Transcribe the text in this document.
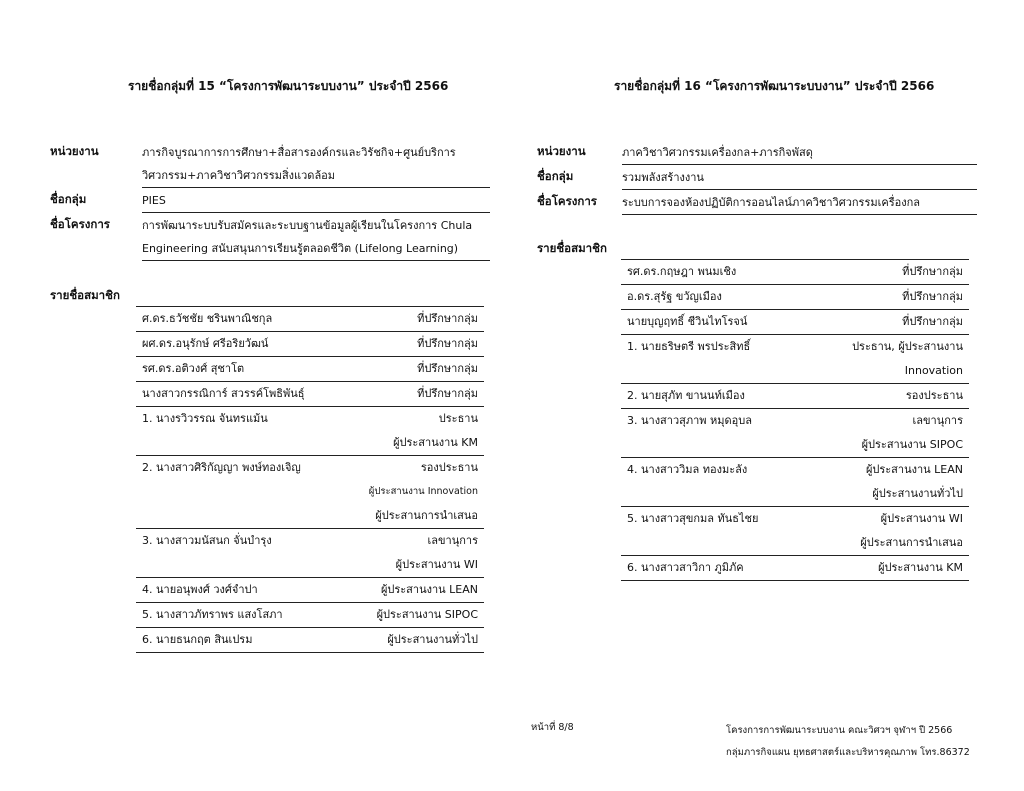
รายชื่อกลุ่มที่ 15 “โครงการพัฒนาระบบงาน” ประจำปี 2566
หน่วยงาน	ภารกิจบูรณาการการศึกษา+สื่อสารองค์กรและวิรัชกิจ+ศูนย์บริการ
วิศวกรรม+ภาควิชาวิศวกรรมสิ่งแวดล้อม
ชื่อกลุ่ม	PIES
ชื่อโครงการ	การพัฒนาระบบรับสมัครและระบบฐานข้อมูลผู้เรียนในโครงการ Chula
Engineering สนับสนุนการเรียนรู้ตลอดชีวิต (Lifelong Learning)
รายชื่อสมาชิก
ศ.ดร.ธวัชชัย ชรินพาณิชกุล	ที่ปรึกษากลุ่ม
ผศ.ดร.อนุรักษ์ ศรีอริยวัฒน์	ที่ปรึกษากลุ่ม
รศ.ดร.อติวงศ์ สุชาโต	ที่ปรึกษากลุ่ม
นางสาวกรรณิการ์ สวรรค์โพธิพันธุ์	ที่ปรึกษากลุ่ม
1. นางรวิวรรณ จันทรแม้น	ประธาน
ผู้ประสานงาน KM
2. นางสาวศิริกัญญา พงษ์ทองเจิญ	รองประธาน
ผู้ประสานงาน Innovation
ผู้ประสานการนำเสนอ
3. นางสาวมนัสนก จั่นบำรุง	เลขานุการ
ผู้ประสานงาน WI
4. นายอนุพงศ์ วงศ์จำปา	ผู้ประสานงาน LEAN
5. นางสาวภัทราพร แสงโสภา	ผู้ประสานงาน SIPOC
6. นายธนกฤต สินเปรม	ผู้ประสานงานทั่วไป
รายชื่อกลุ่มที่ 16 “โครงการพัฒนาระบบงาน” ประจำปี 2566
หน่วยงาน	ภาควิชาวิศวกรรมเครื่องกล+ภารกิจพัสดุ
ชื่อกลุ่ม	รวมพลังสร้างงาน
ชื่อโครงการ ระบบการจองห้องปฏิบัติการออนไลน์ภาควิชาวิศวกรรมเครื่องกล
รายชื่อสมาชิก
รศ.ดร.กฤษฎา พนมเชิง	ที่ปรึกษากลุ่ม
อ.ดร.สุรัฐ ขวัญเมือง	ที่ปรึกษากลุ่ม
นายบุญฤทธิ์ ชีวินไทโรจน์	ที่ปรึกษากลุ่ม
1. นายธริษตรี พรประสิทธิ์	ประธาน, ผู้ประสานงาน
Innovation
2. นายสุภัท ขานนท์เมือง	รองประธาน
3. นางสาวสุภาพ หมุดอุบล	เลขานุการ
ผู้ประสานงาน SIPOC
4. นางสาววิมล ทองมะลัง	ผู้ประสานงาน LEAN
ผู้ประสานงานทั่วไป
5. นางสาวสุขกมล ทันธไชย	ผู้ประสานงาน WI
ผู้ประสานการนำเสนอ
6. นางสาวสาวิกา ภูมิภัค	ผู้ประสานงาน KM
หน้าที่ 8/8	โครงการการพัฒนาระบบงาน คณะวิศวฯ จุฬาฯ ปี 2566
กลุ่มภารกิจแผน ยุทธศาสตร์และบริหารคุณภาพ โทร.86372
